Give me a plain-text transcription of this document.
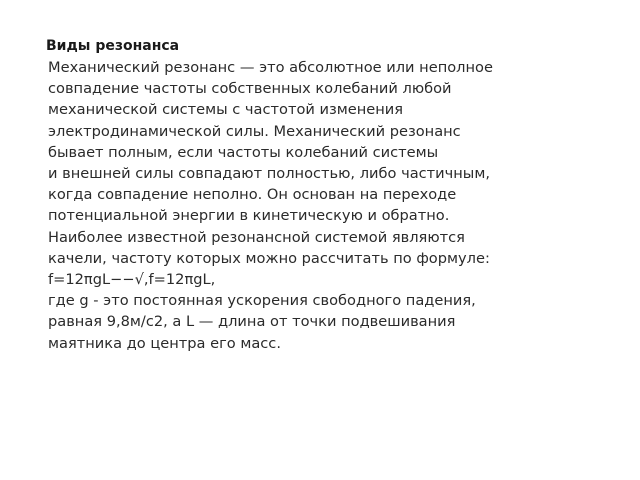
Виды резонанса
Механический резонанс — это абсолютное или неполное
совпадение частоты собственных колебаний любой
механической системы с частотой изменения
электродинамической силы. Механический резонанс
бывает полным, если частоты колебаний системы
и внешней силы совпадают полностью, либо частичным,
когда совпадение неполно. Он основан на переходе
потенциальной энергии в кинетическую и обратно.
Наиболее известной резонансной системой являются
качели, частоту которых можно рассчитать по формуле:
f=12πgL−−√,f=12πgL,
где g - это постоянная ускорения свободного падения,
равная 9,8м/с2, а L — длина от точки подвешивания
маятника до центра его масс.
